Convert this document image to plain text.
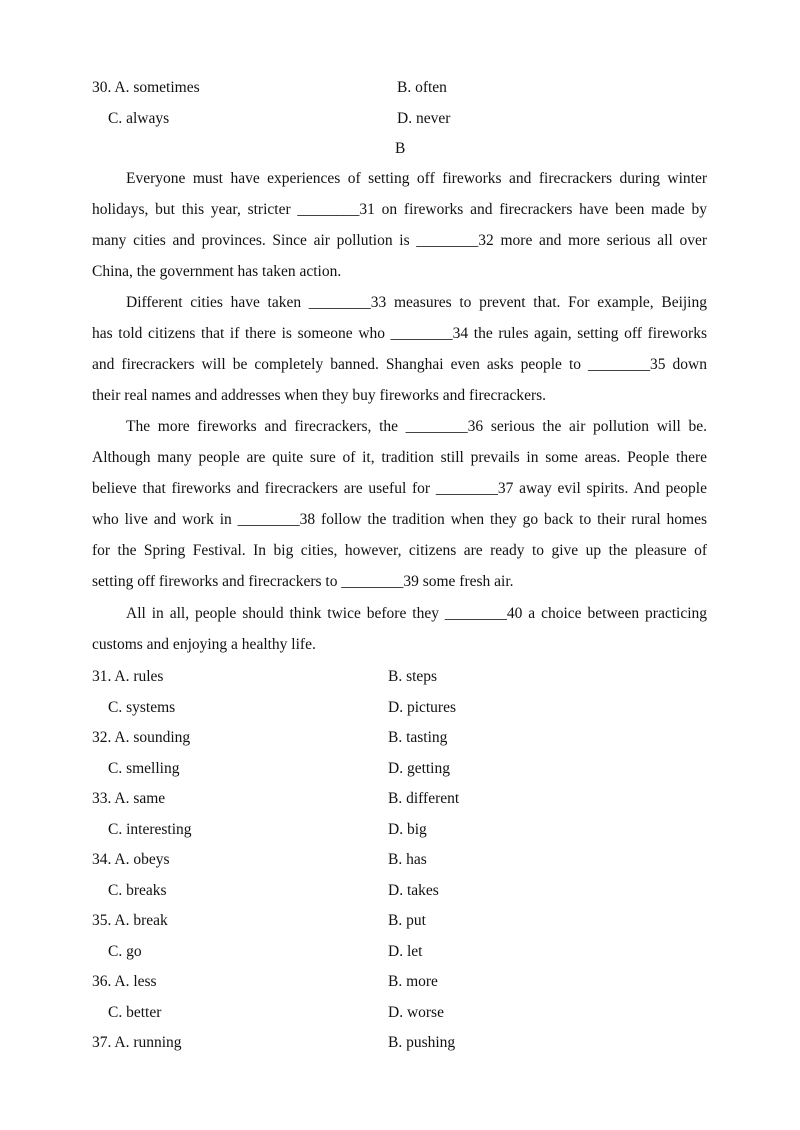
30. A. sometimes	B. often
C. always	D. never
B
Everyone must have experiences of setting off fireworks and firecrackers during winter
holidays, but this year, stricter ________31 on fireworks and firecrackers have been made by
many cities and provinces. Since air pollution is ________32 more and more serious all over
China, the government has taken action.
Different cities have taken ________33 measures to prevent that. For example, Beijing
has told citizens that if there is someone who ________34 the rules again, setting off fireworks
and firecrackers will be completely banned. Shanghai even asks people to ________35 down
their real names and addresses when they buy fireworks and firecrackers.
The more fireworks and firecrackers, the ________36 serious the air pollution will be.
Although many people are quite sure of it, tradition still prevails in some areas. People there
believe that fireworks and firecrackers are useful for ________37 away evil spirits. And people
who live and work in ________38 follow the tradition when they go back to their rural homes
for the Spring Festival. In big cities, however, citizens are ready to give up the pleasure of
setting off fireworks and firecrackers to ________39 some fresh air.
All in all, people should think twice before they ________40 a choice between practicing
customs and enjoying a healthy life.
31. A. rules	B. steps
C. systems	D. pictures
32. A. sounding	B. tasting
C. smelling	D. getting
33. A. same	B. different
C. interesting	D. big
34. A. obeys	B. has
C. breaks	D. takes
35. A. break	B. put
C. go	D. let
36. A. less	B. more
C. better	D. worse
37. A. running	B. pushing
